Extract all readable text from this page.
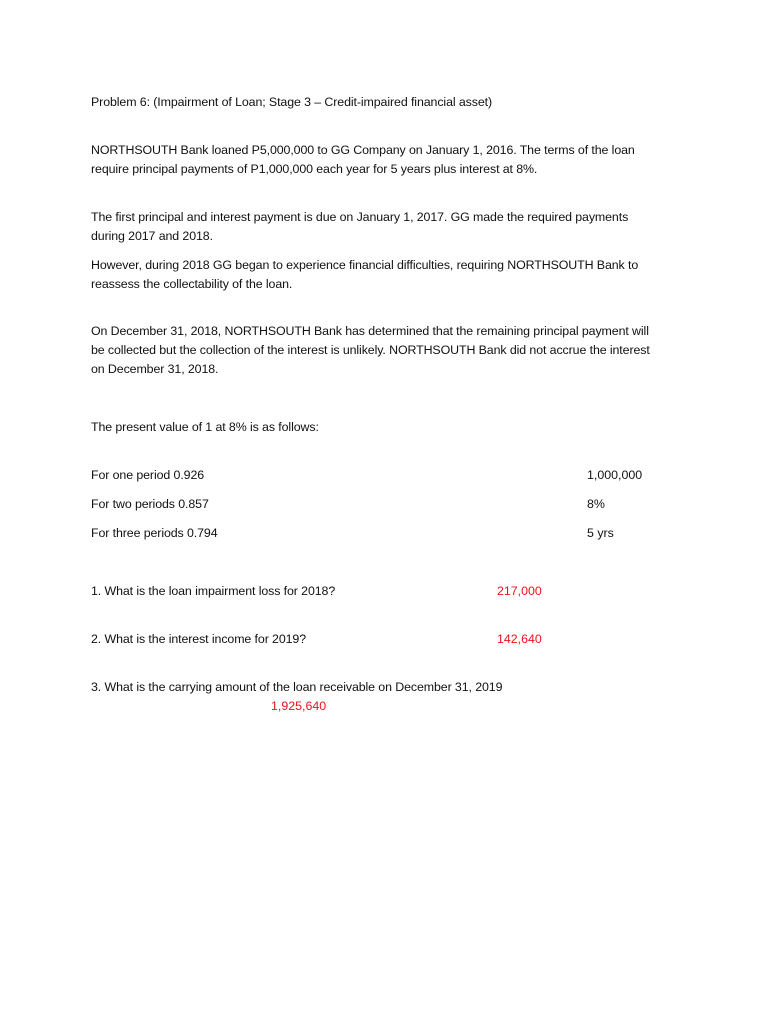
Problem 6: (Impairment of Loan; Stage 3 – Credit-impaired financial asset)
NORTHSOUTH Bank loaned P5,000,000 to GG Company on January 1, 2016. The terms of the loan
require principal payments of P1,000,000 each year for 5 years plus interest at 8%.
The first principal and interest payment is due on January 1, 2017. GG made the required payments
during 2017 and 2018.
However, during 2018 GG began to experience financial difficulties, requiring NORTHSOUTH Bank to
reassess the collectability of the loan.
On December 31, 2018, NORTHSOUTH Bank has determined that the remaining principal payment will
be collected but the collection of the interest is unlikely. NORTHSOUTH Bank did not accrue the interest
on December 31, 2018.
The present value of 1 at 8% is as follows:
For one period 0.926	1,000,000
For two periods 0.857	8%
For three periods 0.794	5 yrs
1. What is the loan impairment loss for 2018?	217,000
2. What is the interest income for 2019?	142,640
3. What is the carrying amount of the loan receivable on December 31, 2019
1,925,640
